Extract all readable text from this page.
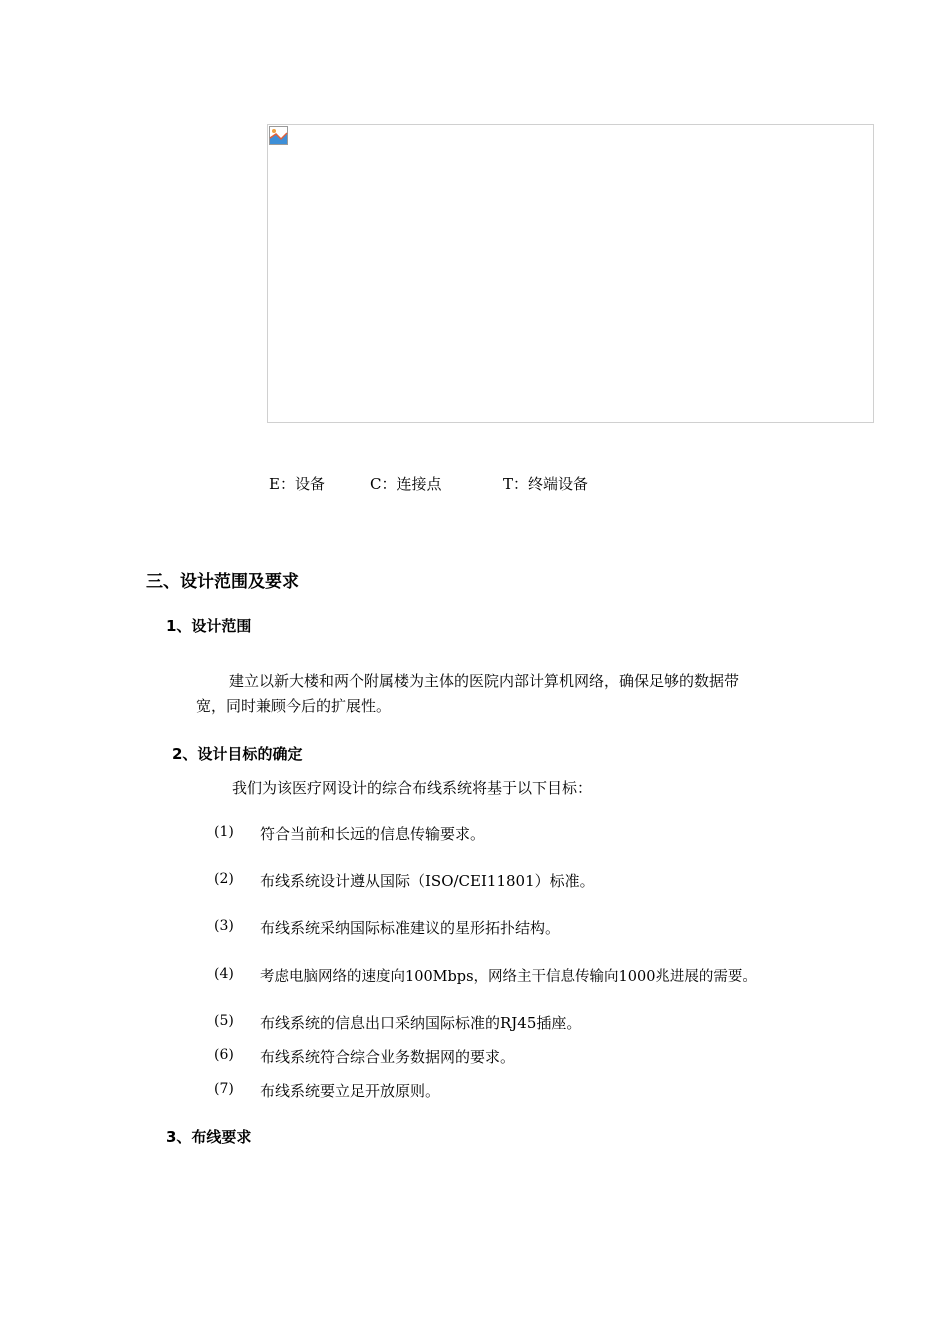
E：设备	C：连接点	T：终端设备
三、设计范围及要求
1、设计范围
建立以新大楼和两个附属楼为主体的医院内部计算机网络，确保足够的数据带
宽，同时兼顾今后的扩展性。
2、设计目标的确定
我们为该医疗网设计的综合布线系统将基于以下目标：
(1) 符合当前和长远的信息传输要求。
(2) 布线系统设计遵从国际（ISO/CEI11801）标准。
(3) 布线系统采纳国际标准建议的星形拓扑结构。
(4) 考虑电脑网络的速度向100Mbps，网络主干信息传输向1000兆进展的需要。
(5) 布线系统的信息出口采纳国际标准的RJ45插座。
(6) 布线系统符合综合业务数据网的要求。
(7) 布线系统要立足开放原则。
3、布线要求
